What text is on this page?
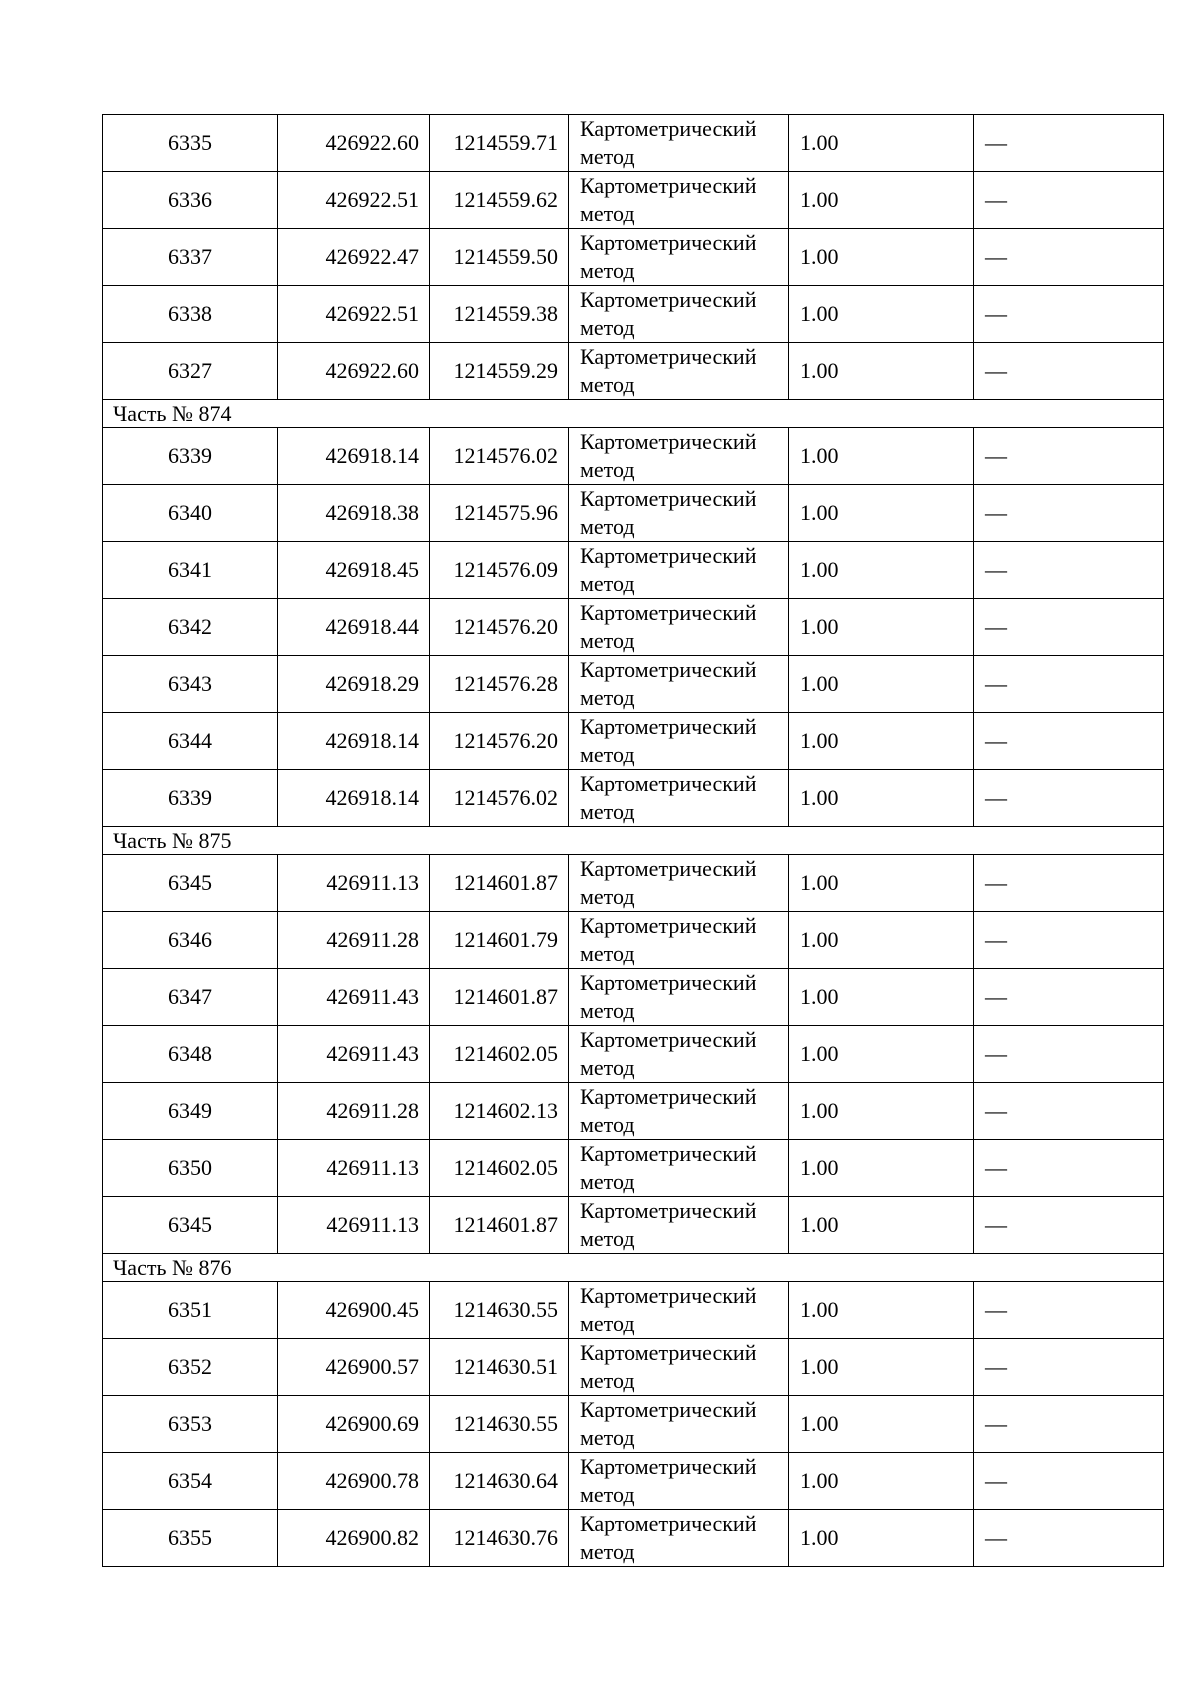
6335	426922.60	1214559.71	Картометрический
метод	1.00	—
6336	426922.51	1214559.62	Картометрический
метод	1.00	—
6337	426922.47	1214559.50	Картометрический
метод	1.00	—
6338	426922.51	1214559.38	Картометрический
метод	1.00	—
6327	426922.60	1214559.29	Картометрический
метод	1.00	—
Часть № 874					
6339	426918.14	1214576.02	Картометрический
метод	1.00	—
6340	426918.38	1214575.96	Картометрический
метод	1.00	—
6341	426918.45	1214576.09	Картометрический
метод	1.00	—
6342	426918.44	1214576.20	Картометрический
метод	1.00	—
6343	426918.29	1214576.28	Картометрический
метод	1.00	—
6344	426918.14	1214576.20	Картометрический
метод	1.00	—
6339	426918.14	1214576.02	Картометрический
метод	1.00	—
Часть № 875					
6345	426911.13	1214601.87	Картометрический
метод	1.00	—
6346	426911.28	1214601.79	Картометрический
метод	1.00	—
6347	426911.43	1214601.87	Картометрический
метод	1.00	—
6348	426911.43	1214602.05	Картометрический
метод	1.00	—
6349	426911.28	1214602.13	Картометрический
метод	1.00	—
6350	426911.13	1214602.05	Картометрический
метод	1.00	—
6345	426911.13	1214601.87	Картометрический
метод	1.00	—
Часть № 876					
6351	426900.45	1214630.55	Картометрический
метод	1.00	—
6352	426900.57	1214630.51	Картометрический
метод	1.00	—
6353	426900.69	1214630.55	Картометрический
метод	1.00	—
6354	426900.78	1214630.64	Картометрический
метод	1.00	—
6355	426900.82	1214630.76	Картометрический
метод	1.00	—
